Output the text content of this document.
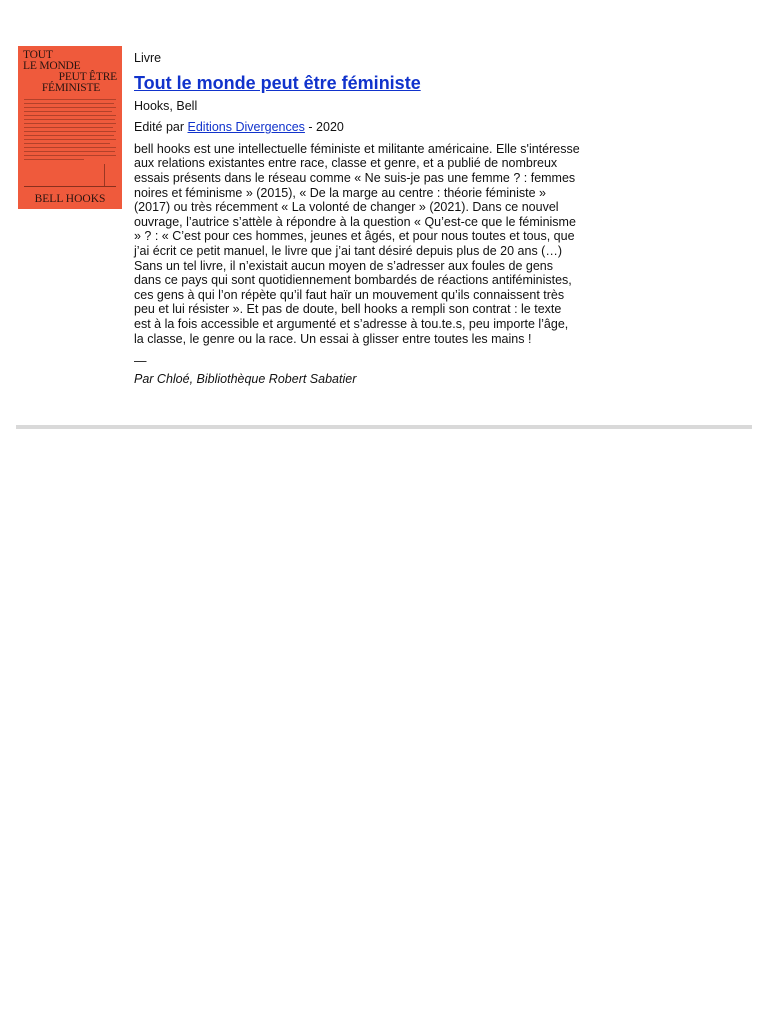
TOUT
LE MONDE
PEUT ÊTRE
FÉMINISTE
BELL HOOKS
Livre
Tout le monde peut être féministe
Hooks, Bell
Edité par Editions Divergences - 2020
bell hooks est une intellectuelle féministe et militante américaine. Elle s'intéresse aux relations existantes entre race, classe et genre, et a publié de nombreux essais présents dans le réseau comme « Ne suis-je pas une femme ? : femmes noires et féminisme » (2015), « De la marge au centre : théorie féministe » (2017) ou très récemment « La volonté de changer » (2021). Dans ce nouvel ouvrage, l’autrice s’attèle à répondre à la question « Qu’est-ce que le féminisme » ? : « C’est pour ces hommes, jeunes et âgés, et pour nous toutes et tous, que j’ai écrit ce petit manuel, le livre que j’ai tant désiré depuis plus de 20 ans (…) Sans un tel livre, il n’existait aucun moyen de s’adresser aux foules de gens dans ce pays qui sont quotidiennement bombardés de réactions antiféministes, ces gens à qui l’on répète qu’il faut haïr un mouvement qu’ils connaissent très peu et lui résister ». Et pas de doute, bell hooks a rempli son contrat : le texte est à la fois accessible et argumenté et s’adresse à tou.te.s, peu importe l’âge, la classe, le genre ou la race. Un essai à glisser entre toutes les mains !
—
Par Chloé, Bibliothèque Robert Sabatier
